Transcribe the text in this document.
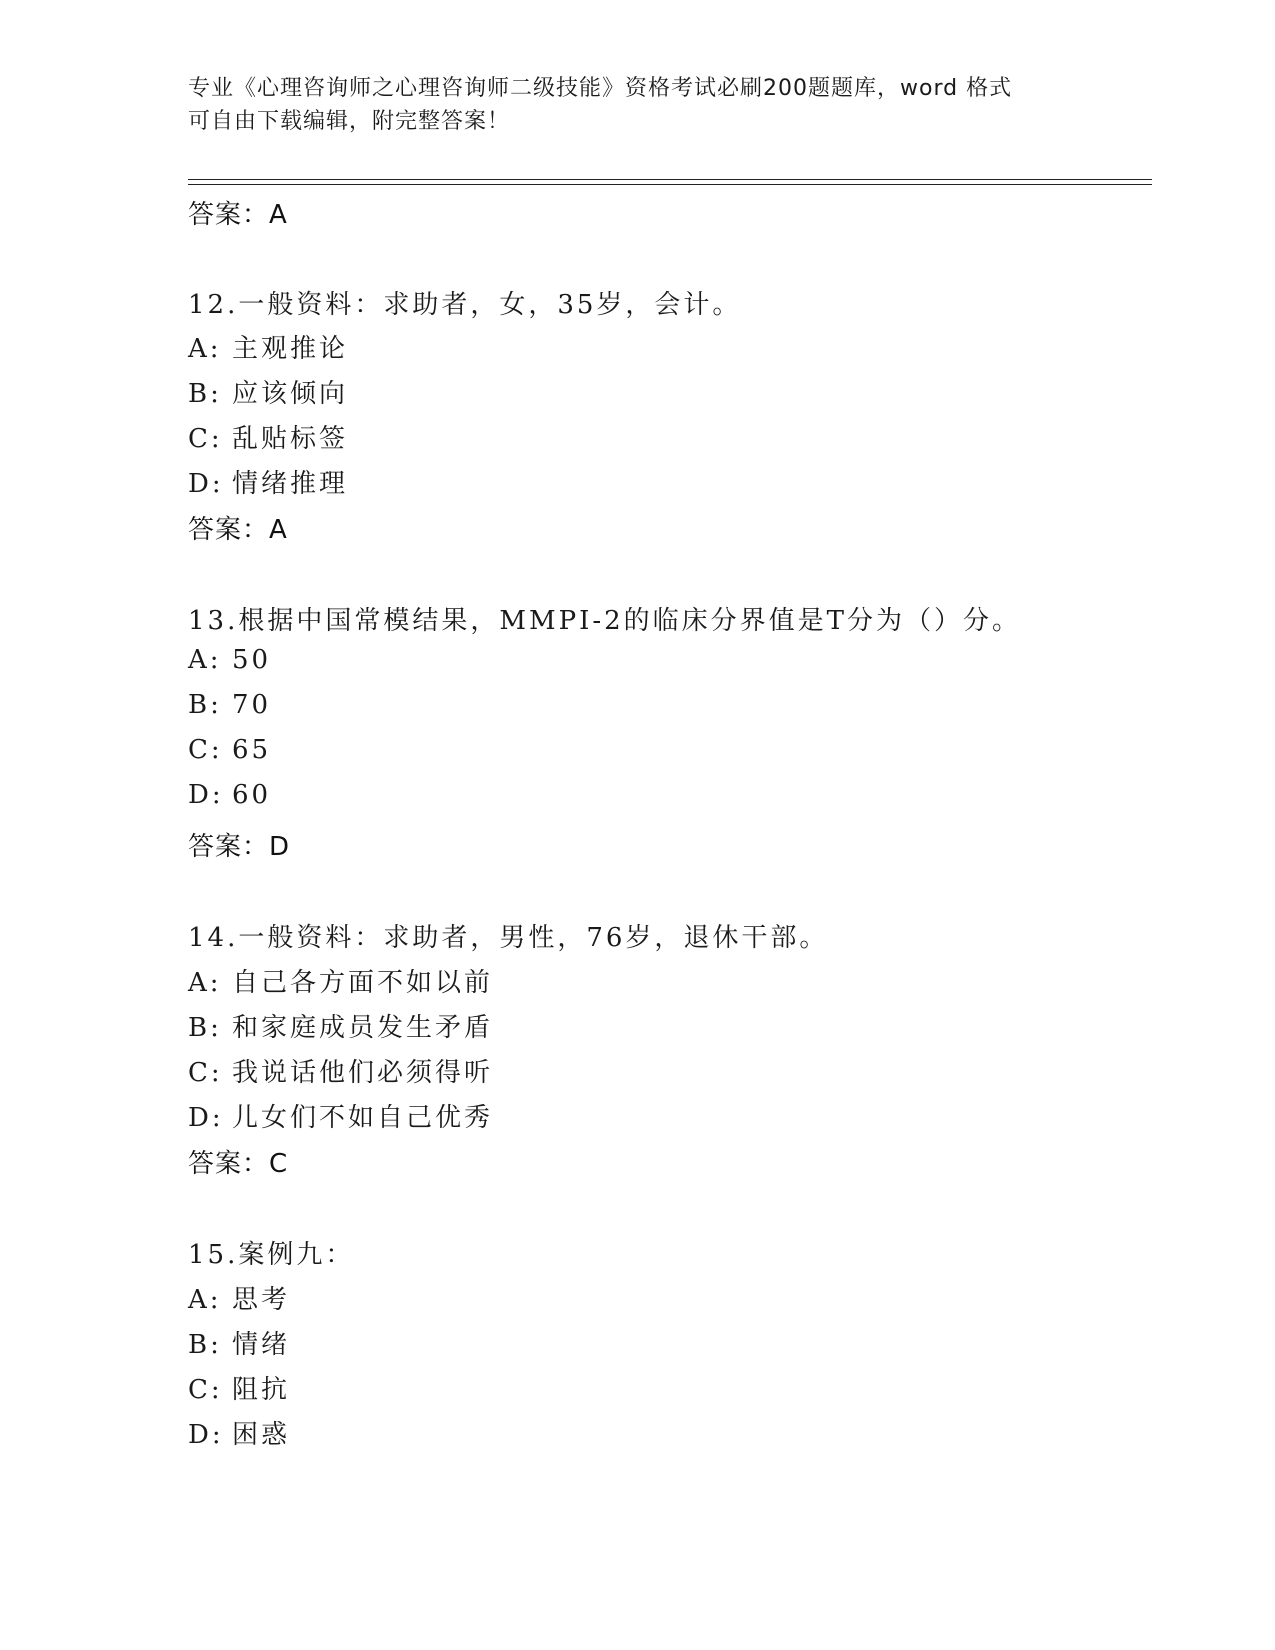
专业《心理咨询师之心理咨询师二级技能》资格考试必刷200题题库，word 格式
可自由下载编辑，附完整答案！
答案：A
12.一般资料：求助者，女，35岁，会计。
A: 主观推论
B: 应该倾向
C: 乱贴标签
D: 情绪推理
答案：A
13.根据中国常模结果，MMPI-2的临床分界值是T分为（）分。
A: 50
B: 70
C: 65
D: 60
答案：D
14.一般资料：求助者，男性，76岁，退休干部。
A: 自己各方面不如以前
B: 和家庭成员发生矛盾
C: 我说话他们必须得听
D: 儿女们不如自己优秀
答案：C
15.案例九：
A: 思考
B: 情绪
C: 阻抗
D: 困惑
